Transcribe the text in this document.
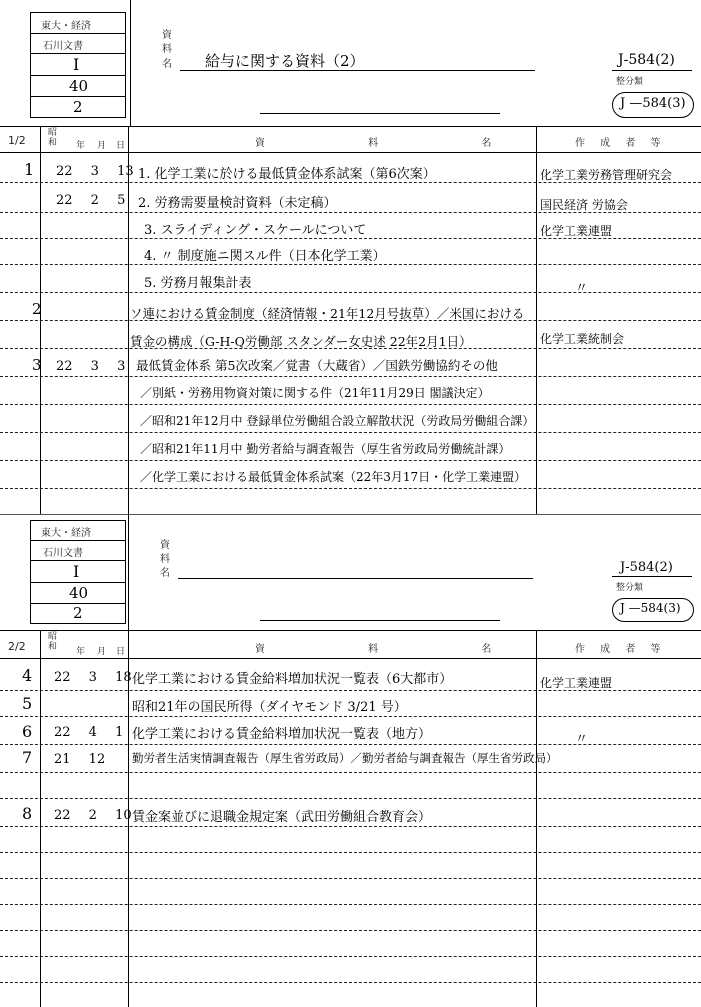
東大・経済
石川文書
I
40
2
資
料
名 給与に関する資料（2）	J-584(2)
整分類
J —584(3)
1/2
昭 和	年 月 日	資 料 名	作 成 者 等
1 22 3 13 1. 化学工業に於ける最低賃金体系試案（第6次案）	化学工業労務管理研究会
22 2 5 2. 労務需要量検討資料（未定稿）	国民経済 労協会
3. スライディング・スケールについて	化学工業連盟
4. 〃 制度施ニ関スル件（日本化学工業）
5. 労務月報集計表	〃
2	ソ連における賃金制度（経済情報・21年12月号抜草）／米国における賃金の構成（G-H-Q労働部 スタンダー女史述 22年2月1日）	化学工業統制会
3 22 3 3 最低賃金体系 第5次改案／覚書（大蔵省）／国鉄労働協約その他
／別紙・労務用物資対策に関する件（21年11月29日 閣議決定）
／昭和21年12月中 登録単位労働組合設立解散状況（労政局労働組合課）
／昭和21年11月中 勤労者給与調査報告（厚生省労政局労働統計課）
／化学工業における最低賃金体系試案（22年3月17日・化学工業連盟）
東大・経済
石川文書
I
40
2
資
料
名	J-584(2)
整分類
J —584(3)
2/2
昭 和	年 月 日	資 料 名	作 成 者 等
4 22 3 18 化学工業における賃金給料増加状況一覧表（6大都市）	化学工業連盟
5	昭和21年の国民所得（ダイヤモンド 3/21 号）
6 22 4 1 化学工業における賃金給料増加状況一覧表（地方）	〃
7 21 12 勤労者生活実情調査報告（厚生省労政局）／勤労者給与調査報告（厚生省労政局）
8 22 2 10 賃金案並びに退職金規定案（武田労働組合教育会）
